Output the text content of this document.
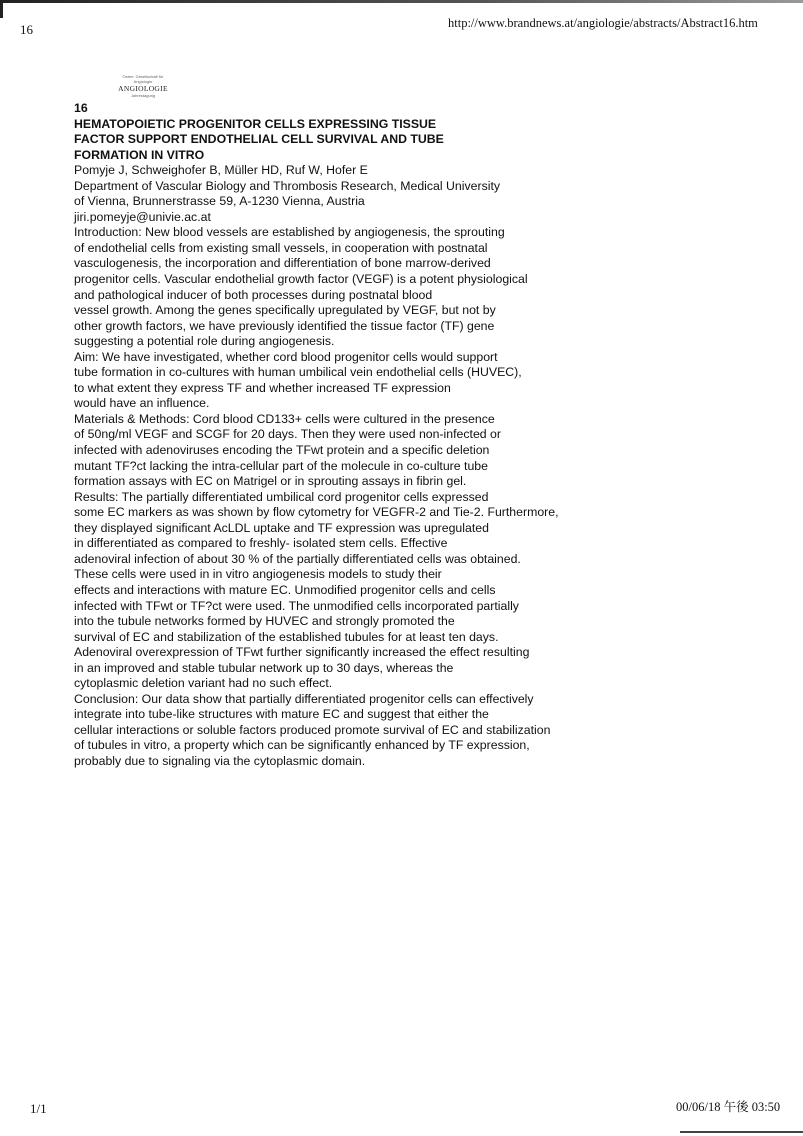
16	http://www.brandnews.at/angiologie/abstracts/Abstract16.htm
Österr. Gesellschaft für
Angiologie
ANGIOLOGIE
Jahrestagung
16
HEMATOPOIETIC PROGENITOR CELLS EXPRESSING TISSUE
FACTOR SUPPORT ENDOTHELIAL CELL SURVIVAL AND TUBE
FORMATION IN VITRO
Pomyje J, Schweighofer B, Müller HD, Ruf W, Hofer E
Department of Vascular Biology and Thrombosis Research, Medical University
of Vienna, Brunnerstrasse 59, A-1230 Vienna, Austria
jiri.pomeyje@univie.ac.at
Introduction: New blood vessels are established by angiogenesis, the sprouting
of endothelial cells from existing small vessels, in cooperation with postnatal
vasculogenesis, the incorporation and differentiation of bone marrow-derived
progenitor cells. Vascular endothelial growth factor (VEGF) is a potent physiological
and pathological inducer of both processes during postnatal blood
vessel growth. Among the genes specifically upregulated by VEGF, but not by
other growth factors, we have previously identified the tissue factor (TF) gene
suggesting a potential role during angiogenesis.
Aim: We have investigated, whether cord blood progenitor cells would support
tube formation in co-cultures with human umbilical vein endothelial cells (HUVEC),
to what extent they express TF and whether increased TF expression
would have an influence.
Materials & Methods: Cord blood CD133+ cells were cultured in the presence
of 50ng/ml VEGF and SCGF for 20 days. Then they were used non-infected or
infected with adenoviruses encoding the TFwt protein and a specific deletion
mutant TF?ct lacking the intra-cellular part of the molecule in co-culture tube
formation assays with EC on Matrigel or in sprouting assays in fibrin gel.
Results: The partially differentiated umbilical cord progenitor cells expressed
some EC markers as was shown by flow cytometry for VEGFR-2 and Tie-2. Furthermore,
they displayed significant AcLDL uptake and TF expression was upregulated
in differentiated as compared to freshly- isolated stem cells. Effective
adenoviral infection of about 30 % of the partially differentiated cells was obtained.
These cells were used in in vitro angiogenesis models to study their
effects and interactions with mature EC. Unmodified progenitor cells and cells
infected with TFwt or TF?ct were used. The unmodified cells incorporated partially
into the tubule networks formed by HUVEC and strongly promoted the
survival of EC and stabilization of the established tubules for at least ten days.
Adenoviral overexpression of TFwt further significantly increased the effect resulting
in an improved and stable tubular network up to 30 days, whereas the
cytoplasmic deletion variant had no such effect.
Conclusion: Our data show that partially differentiated progenitor cells can effectively
integrate into tube-like structures with mature EC and suggest that either the
cellular interactions or soluble factors produced promote survival of EC and stabilization
of tubules in vitro, a property which can be significantly enhanced by TF expression,
probably due to signaling via the cytoplasmic domain.
1/1	00/06/18 午後 03:50
